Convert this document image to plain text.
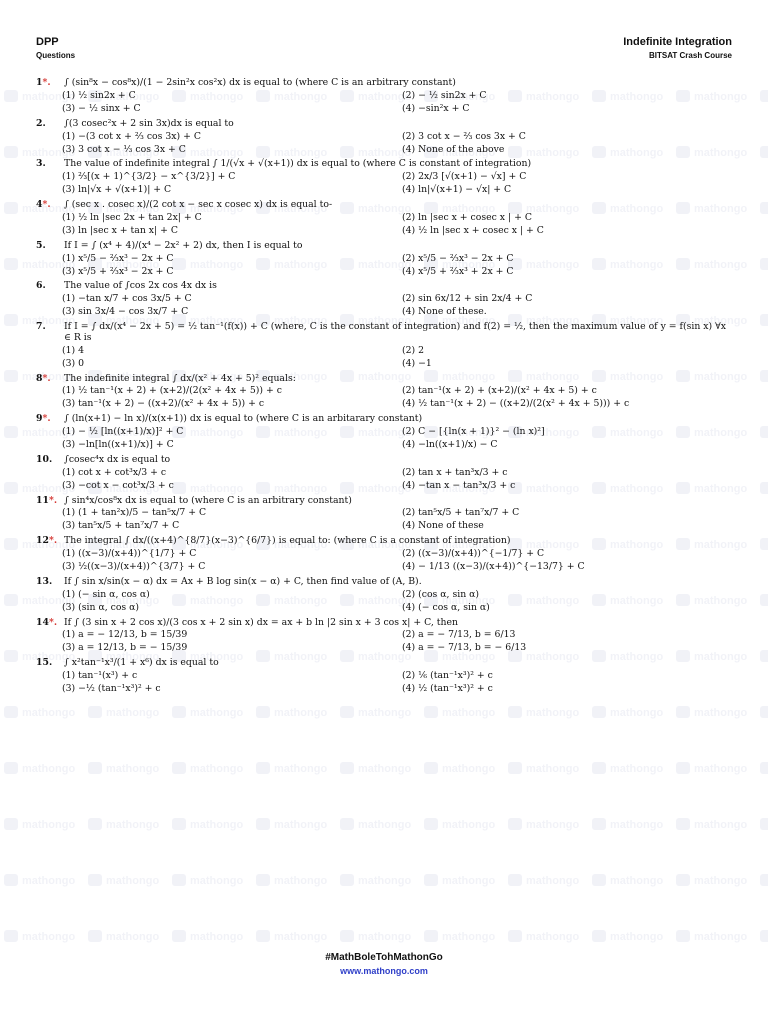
DPP
Questions
Indefinite Integration
BITSAT Crash Course
1*.	∫ (sin⁸x − cos⁸x)/(1 − 2sin²x cos²x) dx is equal to (where C is an arbitrary constant)
(1) ½ sin2x + C	(2) − ½ sin2x + C
(3) − ½ sinx + C	(4) −sin²x + C
2.	∫(3 cosec²x + 2 sin 3x)dx is equal to
(1) −(3 cot x + ⅔ cos 3x) + C	(2) 3 cot x − ⅔ cos 3x + C
(3) 3 cot x − ⅓ cos 3x + C	(4) None of the above
3.	The value of indefinite integral ∫ 1/(√x + √(x+1)) dx is equal to (where C is constant of integration)
(1) ⅔[(x + 1)^{3/2} − x^{3/2}] + C	(2) 2x/3 [√(x+1) − √x] + C
(3) ln|√x + √(x+1)| + C	(4) ln|√(x+1) − √x| + C
4*.	∫ (sec x . cosec x)/(2 cot x − sec x cosec x) dx is equal to-
(1) ½ ln |sec 2x + tan 2x| + C	(2) ln |sec x + cosec x | + C
(3) ln |sec x + tan x| + C	(4) ½ ln |sec x + cosec x | + C
5.	If I = ∫ (x⁴ + 4)/(x⁴ − 2x² + 2) dx, then I is equal to
(1) x⁵/5 − ⅔x³ − 2x + C	(2) x⁵/5 − ⅔x³ − 2x + C
(3) x⁵/5 + ⅔x³ − 2x + C	(4) x⁵/5 + ⅔x³ + 2x + C
6.	The value of ∫cos 2x cos 4x dx is
(1) −tan x/7 + cos 3x/5 + C	(2) sin 6x/12 + sin 2x/4 + C
(3) sin 3x/4 − cos 3x/7 + C	(4) None of these.
7.	If I = ∫ dx/(x⁴ − 2x + 5) = ½ tan⁻¹(f(x)) + C (where, C is the constant of integration) and f(2) = ½, then the maximum value of y = f(sin x) ∀x ∈ R is
(1) 4	(2) 2
(3) 0	(4) −1
8*.	The indefinite integral ∫ dx/(x² + 4x + 5)² equals:
(1) ½ tan⁻¹(x + 2) + (x+2)/(2(x² + 4x + 5)) + c	(2) tan⁻¹(x + 2) + (x+2)/(x² + 4x + 5) + c
(3) tan⁻¹(x + 2) − ((x+2)/(x² + 4x + 5)) + c	(4) ½ tan⁻¹(x + 2) − ((x+2)/(2(x² + 4x + 5))) + c
9*.	∫ (ln(x+1) − ln x)/(x(x+1)) dx is equal to (where C is an arbitarary constant)
(1) − ½ [ln((x+1)/x)]² + C	(2) C − [{ln(x + 1)}² − (ln x)²]
(3) −ln[ln((x+1)/x)] + C	(4) −ln((x+1)/x) − C
10.	∫cosec⁴x dx is equal to
(1) cot x + cot³x/3 + c	(2) tan x + tan³x/3 + c
(3) −cot x − cot³x/3 + c	(4) −tan x − tan³x/3 + c
11*. ∫ sin⁴x/cos⁸x dx is equal to (where C is an arbitrary constant)
(1) (1 + tan²x)/5 − tan⁵x/7 + C	(2) tan⁵x/5 + tan⁷x/7 + C
(3) tan⁵x/5 + tan⁷x/7 + C	(4) None of these
12*. The integral ∫ dx/((x+4)^{8/7}(x−3)^{6/7}) is equal to: (where C is a constant of integration)
(1) ((x−3)/(x+4))^{1/7} + C	(2) ((x−3)/(x+4))^{−1/7} + C
(3) ½((x−3)/(x+4))^{3/7} + C	(4) − 1/13 ((x−3)/(x+4))^{−13/7} + C
13.	If ∫ sin x/sin(x − α) dx = Ax + B log sin(x − α) + C, then find value of (A, B).
(1) (− sin α, cos α)	(2) (cos α, sin α)
(3) (sin α, cos α)	(4) (− cos α, sin α)
14*. If ∫ (3 sin x + 2 cos x)/(3 cos x + 2 sin x) dx = ax + b ln |2 sin x + 3 cos x| + C, then
(1) a = − 12/13, b = 15/39	(2) a = − 7/13, b = 6/13
(3) a = 12/13, b = − 15/39	(4) a = − 7/13, b = − 6/13
15.	∫ x²tan⁻¹x³/(1 + x⁶) dx is equal to
(1) tan⁻¹(x³) + c	(2) ⅙ (tan⁻¹x³)² + c
(3) −½ (tan⁻¹x³)² + c	(4) ½ (tan⁻¹x³)² + c
#MathBoleTohMathonGo
www.mathongo.com
